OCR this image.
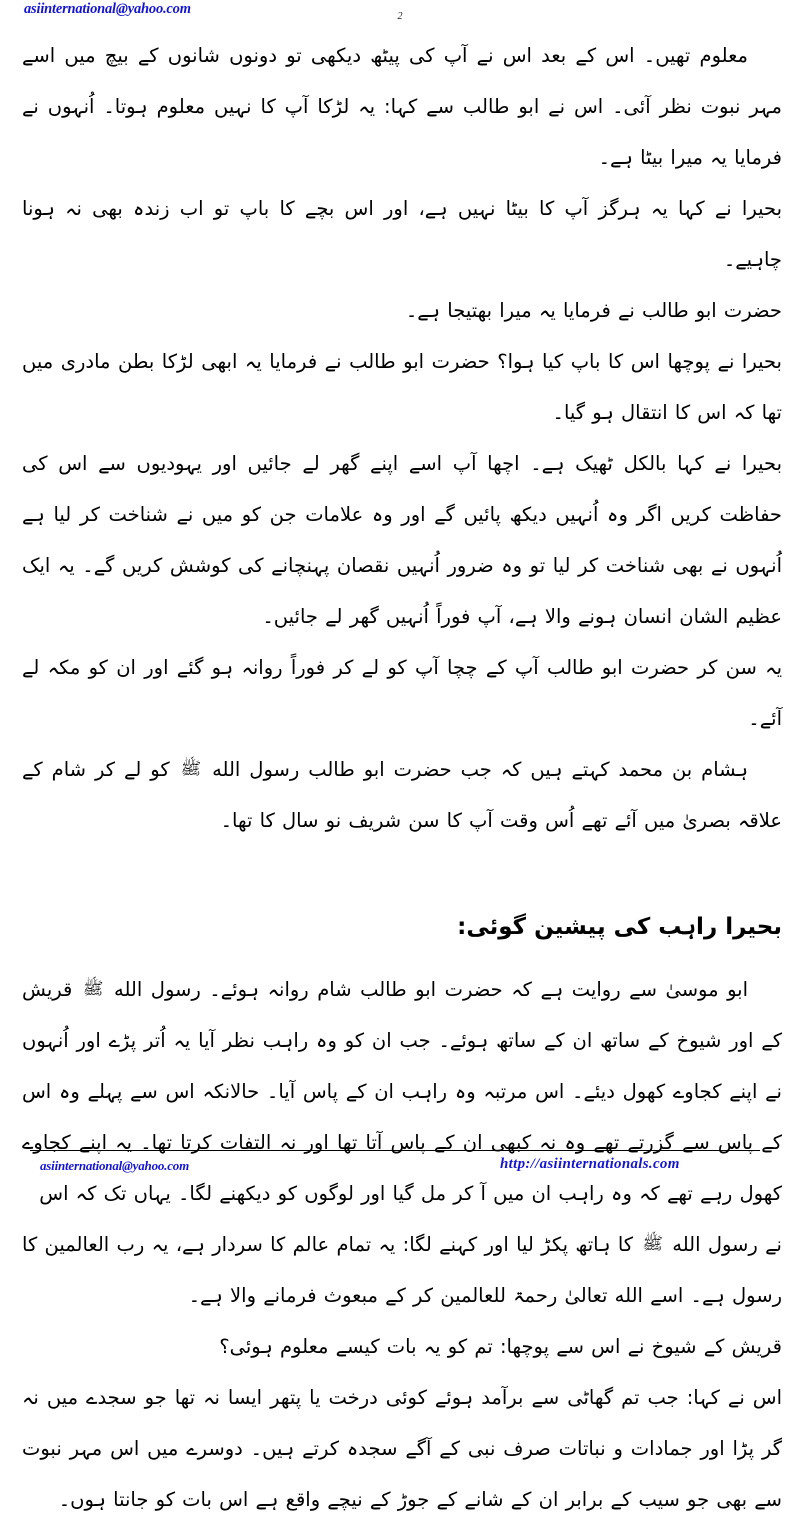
asiinternational@yahoo.com	2

معلوم تھیں۔ اس کے بعد اس نے آپ کی پیٹھ دیکھی تو دونوں شانوں کے بیچ میں اسے مہر نبوت نظر آئی۔ اس نے ابو طالب سے کہا: یہ لڑکا آپ کا نہیں معلوم ہوتا۔ اُنہوں نے فرمایا یہ میرا بیٹا ہے۔

بحیرا نے کہا یہ ہرگز آپ کا بیٹا نہیں ہے، اور اس بچے کا باپ تو اب زندہ بھی نہ ہونا چاہیے۔

حضرت ابو طالب نے فرمایا یہ میرا بھتیجا ہے۔

بحیرا نے پوچھا اس کا باپ کیا ہوا؟ حضرت ابو طالب نے فرمایا یہ ابھی لڑکا بطن مادری میں تھا کہ اس کا انتقال ہو گیا۔

بحیرا نے کہا بالکل ٹھیک ہے۔ اچھا آپ اسے اپنے گھر لے جائیں اور یہودیوں سے اس کی حفاظت کریں اگر وہ اُنہیں دیکھ پائیں گے اور وہ علامات جن کو میں نے شناخت کر لیا ہے اُنہوں نے بھی شناخت کر لیا تو وہ ضرور اُنہیں نقصان پہنچانے کی کوشش کریں گے۔ یہ ایک عظیم الشان انسان ہونے والا ہے، آپ فوراً اُنہیں گھر لے جائیں۔

یہ سن کر حضرت ابو طالب آپ کے چچا آپ کو لے کر فوراً روانہ ہو گئے اور ان کو مکہ لے آئے۔

ہشام بن محمد کہتے ہیں کہ جب حضرت ابو طالب رسول الله ﷺ کو لے کر شام کے علاقہ بصریٰ میں آئے تھے اُس وقت آپ کا سن شریف نو سال کا تھا۔

بحیرا راہب کی پیشین گوئی:

ابو موسیٰ سے روایت ہے کہ حضرت ابو طالب شام روانہ ہوئے۔ رسول الله ﷺ قریش کے اور شیوخ کے ساتھ ان کے ساتھ ہوئے۔ جب ان کو وہ راہب نظر آیا یہ اُتر پڑے اور اُنہوں نے اپنے کجاوے کھول دیئے۔ اس مرتبہ وہ راہب ان کے پاس آیا۔ حالانکہ اس سے پہلے وہ اس کے پاس سے گزرتے تھے وہ نہ کبھی ان کے پاس آتا تھا اور نہ التفات کرتا تھا۔ یہ اپنے کجاوے کھول رہے تھے کہ وہ راہب ان میں آ کر مل گیا اور لوگوں کو دیکھنے لگا۔ یہاں تک کہ اس

نے رسول الله ﷺ کا ہاتھ پکڑ لیا اور کہنے لگا: یہ تمام عالم کا سردار ہے، یہ رب العالمین کا رسول ہے۔ اسے الله تعالیٰ رحمۃ للعالمین کر کے مبعوث فرمانے والا ہے۔

قریش کے شیوخ نے اس سے پوچھا: تم کو یہ بات کیسے معلوم ہوئی؟

اس نے کہا: جب تم گھاٹی سے برآمد ہوئے کوئی درخت یا پتھر ایسا نہ تھا جو سجدے میں نہ گر پڑا اور جمادات و نباتات صرف نبی کے آگے سجدہ کرتے ہیں۔ دوسرے میں اس مہر نبوت سے بھی جو سیب کے برابر ان کے شانے کے جوڑ کے نیچے واقع ہے اس بات کو جانتا ہوں۔

asiinternational@yahoo.com	http://asiinternationals.com
